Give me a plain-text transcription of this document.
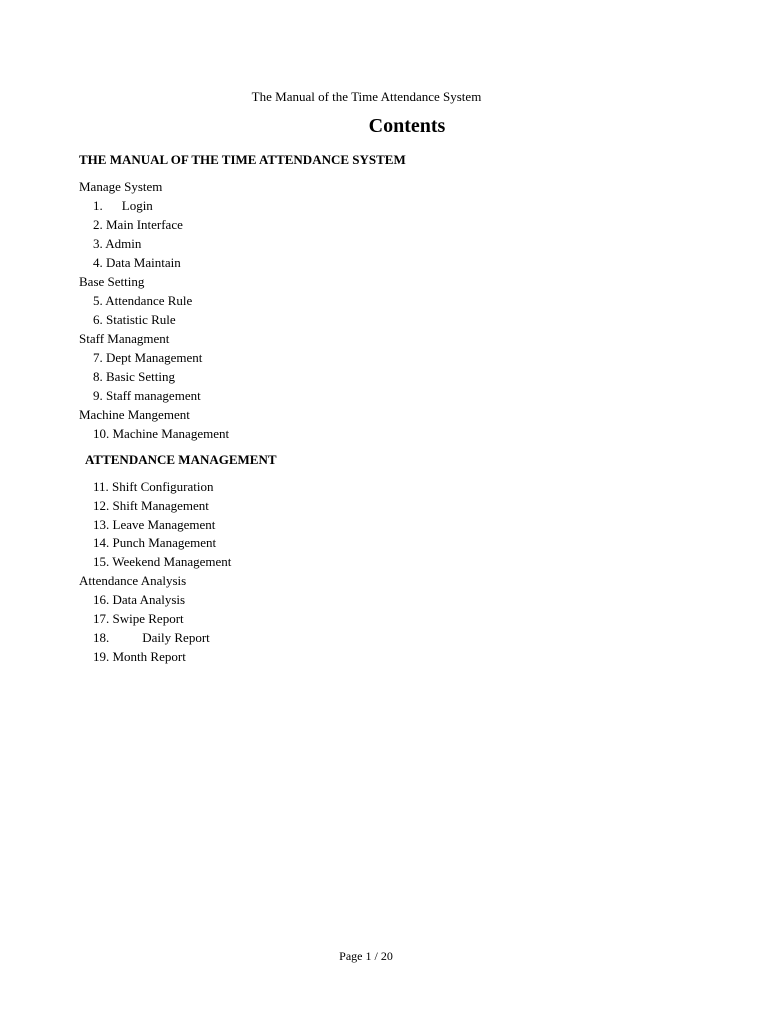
The Manual of the Time Attendance System
Contents
THE MANUAL OF THE TIME ATTENDANCE SYSTEM
Manage System
1. Login
2. Main Interface
3. Admin
4. Data Maintain
Base Setting
5. Attendance Rule
6. Statistic Rule
Staff Managment
7. Dept Management
8. Basic Setting
9. Staff management
Machine Mangement
10. Machine Management
ATTENDANCE MANAGEMENT
11. Shift Configuration
12. Shift Management
13. Leave Management
14. Punch Management
15. Weekend Management
Attendance Analysis
16. Data Analysis
17. Swipe Report
18.	Daily Report
19. Month Report
Page 1 / 20
